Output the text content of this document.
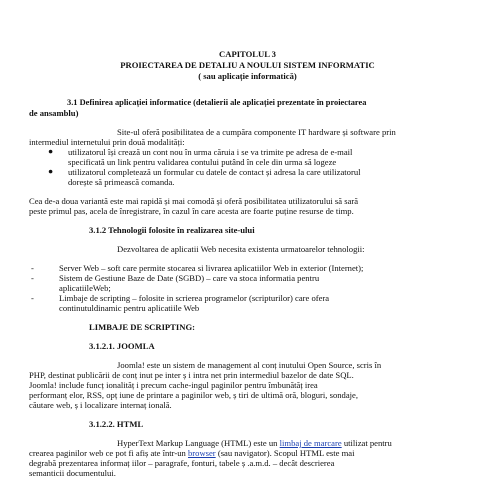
CAPITOLUL 3
PROIECTAREA DE DETALIU A NOULUI SISTEM INFORMATIC
( sau aplicație informatică)
3.1 Definirea aplicației informatice (detalierii ale aplicației prezentate în proiectarea
de ansamblu)
Site-ul oferă posibilitatea de a cumpăra componente IT hardware și software prin
intermediul internetului prin două modalități:
● utilizatorul își crează un cont nou în urma căruia i se va trimite pe adresa de e-mail
specificată un link pentru validarea contului putând în cele din urma să logeze
● utilizatorul completează un formular cu datele de contact și adresa la care utilizatorul
dorește să primească comanda.
Cea de-a doua variantă este mai rapidă și mai comodă și oferă posibilitatea utilizatorului să sară
peste primul pas, acela de înregistrare, în cazul în care acesta are foarte puține resurse de timp.
3.1.2 Tehnologii folosite în realizarea site-ului
Dezvoltarea de aplicatii Web necesita existenta urmatoarelor tehnologii:
-	Server Web – soft care permite stocarea si livrarea aplicatiilor Web in exterior (Internet);
-	Sistem de Gestiune Baze de Date (SGBD) – care va stoca informatia pentru
aplicatiileWeb;
-	Limbaje de scripting – folosite in scrierea programelor (scripturilor) care ofera
continutuldinamic pentru aplicatiile Web
LIMBAJE DE SCRIPTING:
3.1.2.1. JOOMLA
Joomla! este un sistem de management al conț inutului Open Source, scris în
PHP, destinat publicării de conț inut pe inter ș i intra net prin intermediul bazelor de date SQL.
Joomla! include funcț ionalităț i precum cache-ingul paginilor pentru îmbunătăț irea
performanț elor, RSS, opț iune de printare a paginilor web, ș tiri de ultimă oră, bloguri, sondaje,
căutare web, ș i localizare internaț ională.
3.1.2.2. HTML
HyperText Markup Language (HTML) este un limbaj de marcare utilizat pentru
crearea paginilor web ce pot fi afiș ate într-un browser (sau navigator). Scopul HTML este mai
degrabă prezentarea informaț iilor – paragrafe, fonturi, tabele ș .a.m.d. – decât descrierea
semanticii documentului.
